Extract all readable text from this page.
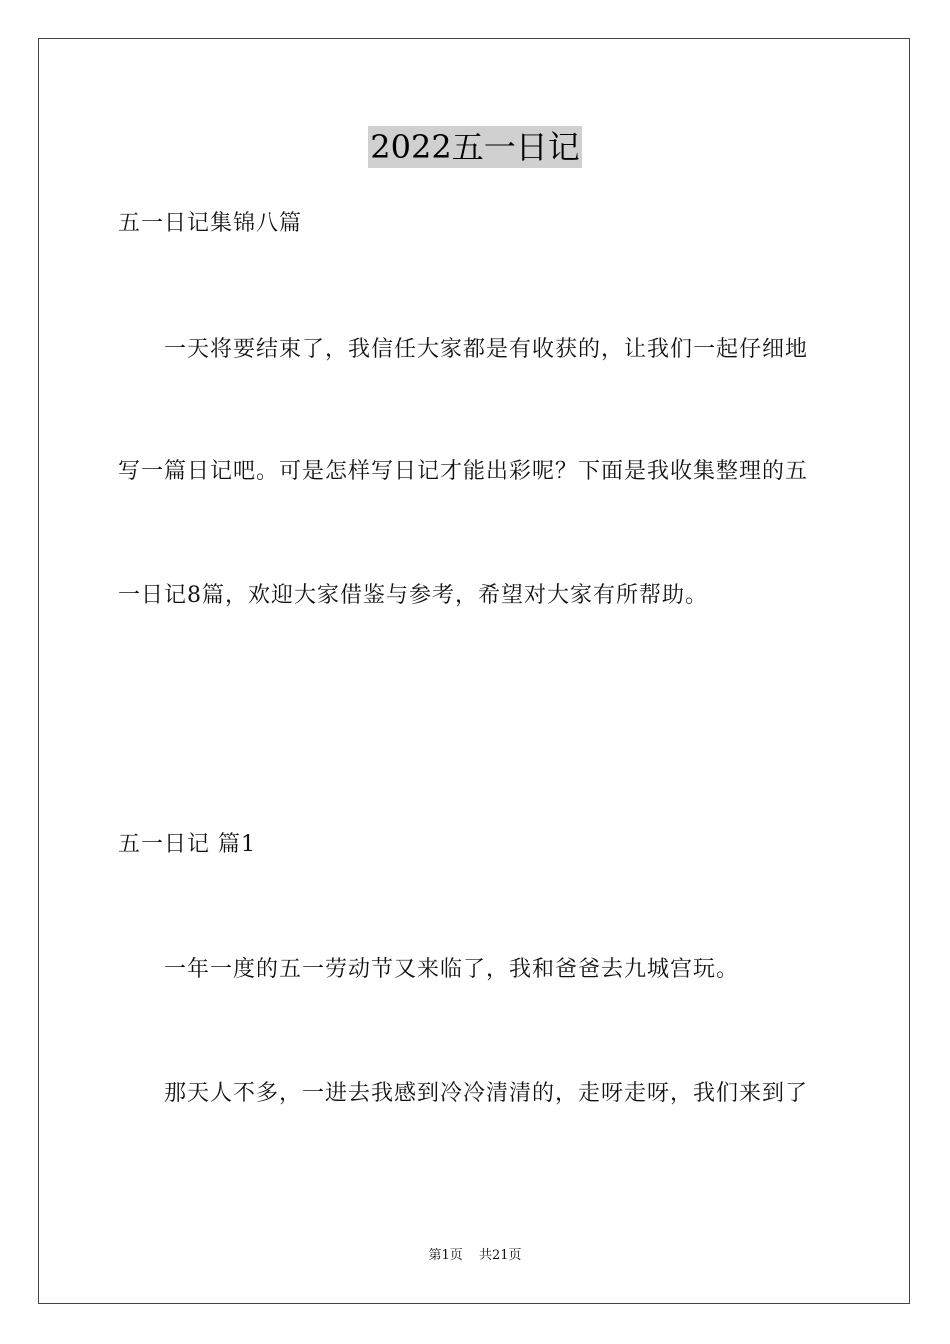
2022五一日记
五一日记集锦八篇
一天将要结束了，我信任大家都是有收获的，让我们一起仔细地
写一篇日记吧。可是怎样写日记才能出彩呢？下面是我收集整理的五
一日记8篇，欢迎大家借鉴与参考，希望对大家有所帮助。
五一日记 篇1
一年一度的五一劳动节又来临了，我和爸爸去九城宫玩。
那天人不多，一进去我感到冷冷清清的，走呀走呀，我们来到了
第1页 共21页
